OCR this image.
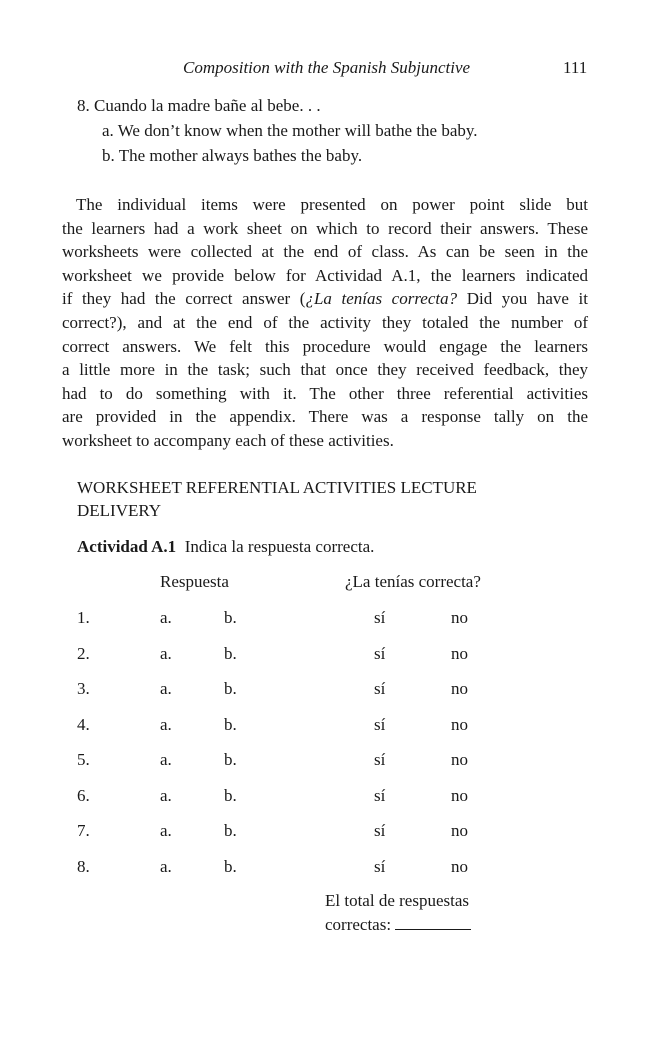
Composition with the Spanish Subjunctive	111
8. Cuando la madre bañe al bebe. . .
a. We don’t know when the mother will bathe the baby.
b. The mother always bathes the baby.
The individual items were presented on power point slide but
the learners had a work sheet on which to record their answers. These
worksheets were collected at the end of class. As can be seen in the
worksheet we provide below for Actividad A.1, the learners indicated
if they had the correct answer (¿La tenías correcta? Did you have it
correct?), and at the end of the activity they totaled the number of
correct answers. We felt this procedure would engage the learners
a little more in the task; such that once they received feedback, they
had to do something with it. The other three referential activities
are provided in the appendix. There was a response tally on the
worksheet to accompany each of these activities.
WORKSHEET REFERENTIAL ACTIVITIES LECTURE
DELIVERY
Actividad A.1 Indica la respuesta correcta.
Respuesta	¿La tenías correcta?
1.	a.	b.	sí	no
2.	a.	b.	sí	no
3.	a.	b.	sí	no
4.	a.	b.	sí	no
5.	a.	b.	sí	no
6.	a.	b.	sí	no
7.	a.	b.	sí	no
8.	a.	b.	sí	no
El total de respuestas
correctas:
